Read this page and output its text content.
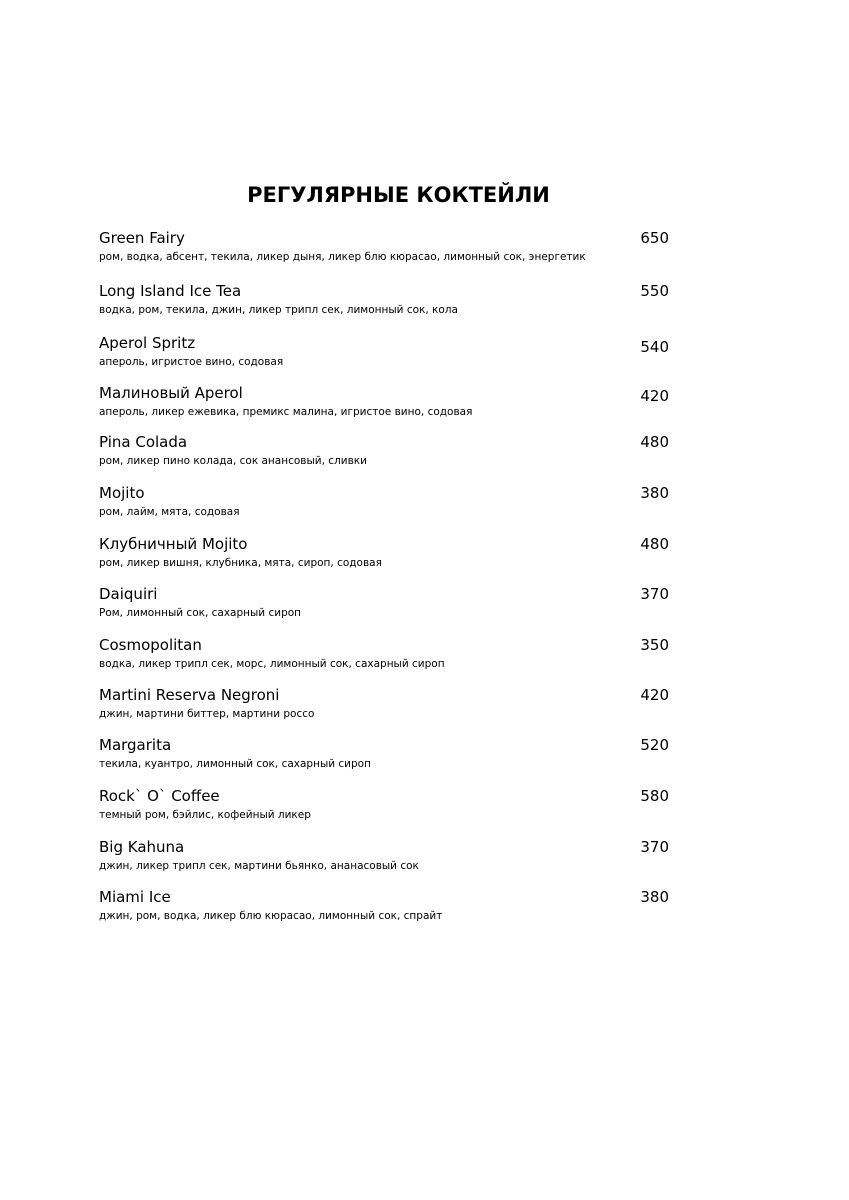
РЕГУЛЯРНЫЕ КОКТЕЙЛИ
Green Fairy
ром, водка, абсент, текила, ликер дыня, ликер блю кюрасао, лимонный сок, энергетик
650
Long Island Ice Tea
водка, ром, текила, джин, ликер трипл сек, лимонный сок, кола
550
Aperol Spritz
апероль, игристое вино, содовая
540
Малиновый Aperol
апероль, ликер ежевика, премикс малина, игристое вино, содовая
420
Pina Colada
ром, ликер пино колада, сок анансовый, сливки
480
Mojito
ром, лайм, мята, содовая
380
Клубничный Mojito
ром, ликер вишня, клубника, мята, сироп, содовая
480
Daiquiri
Ром, лимонный сок, сахарный сироп
370
Cosmopolitan
водка, ликер трипл сек, морс, лимонный сок, сахарный сироп
350
Martini Reserva Negroni
джин, мартини биттер, мартини россо
420
Margarita
текила, куантро, лимонный сок, сахарный сироп
520
Rock` O` Coffee
темный ром, бэйлис, кофейный ликер
580
Big Kahuna
джин, ликер трипл сек, мартини бьянко, ананасовый сок
370
Miami Ice
джин, ром, водка, ликер блю кюрасао, лимонный сок, спрайт
380
